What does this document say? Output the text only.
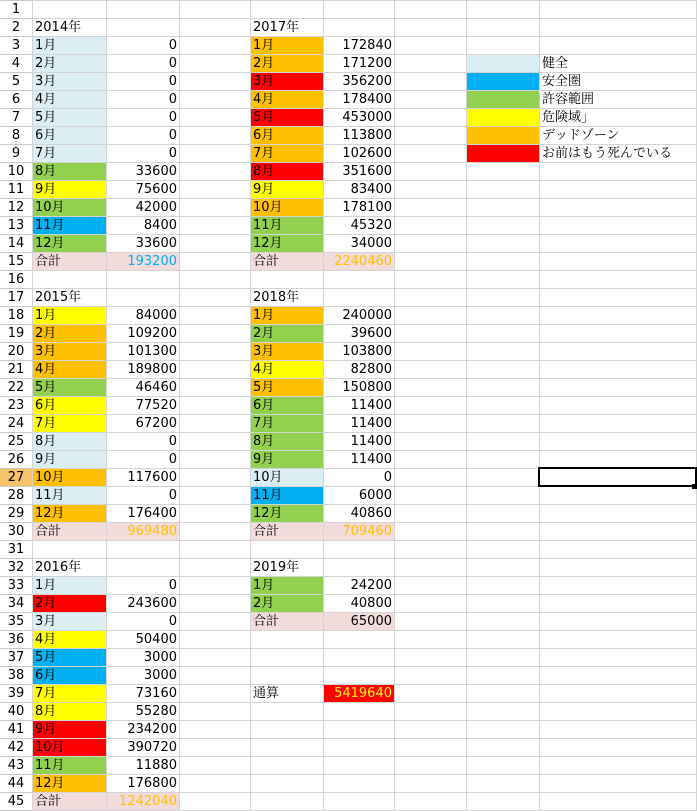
1
2
3
4
5
6
7
8
9
10
11
12
13
14
15
16
17
18
19
20
21
22
23
24
25
26
27
28
29
30
31
32
33
34
35
36
37
38
39
40
41
42
43
44
45
2014年
1月	0
2月	0
3月	0
4月	0
5月	0
6月	0
7月	0
8月	33600
9月	75600
10月	42000
11月	8400
12月	33600
合計	193200
2015年
1月	84000
2月	109200
3月	101300
4月	189800
5月	46460
6月	77520
7月	67200
8月	0
9月	0
10月	117600
11月	0
12月	176400
合計	969480
2016年
1月	0
2月	243600
3月	0
4月	50400
5月	3000
6月	3000
7月	73160
8月	55280
9月	234200
10月	390720
11月	11880
12月	176800
合計	1242040
2017年
1月	172840
2月	171200
3月	356200
4月	178400
5月	453000
6月	113800
7月	102600
8月	351600
9月	83400
10月	178100
11月	45320
12月	34000
合計	2240460
2018年
1月	240000
2月	39600
3月	103800
4月	82800
5月	150800
6月	11400
7月	11400
8月	11400
9月	11400
10月	0
11月	6000
12月	40860
合計	709460
2019年
1月	24200
2月	40800
合計	65000
通算	5419640
健全
安全圏
許容範囲
危険域」
デッドゾーン
お前はもう死んでいる
